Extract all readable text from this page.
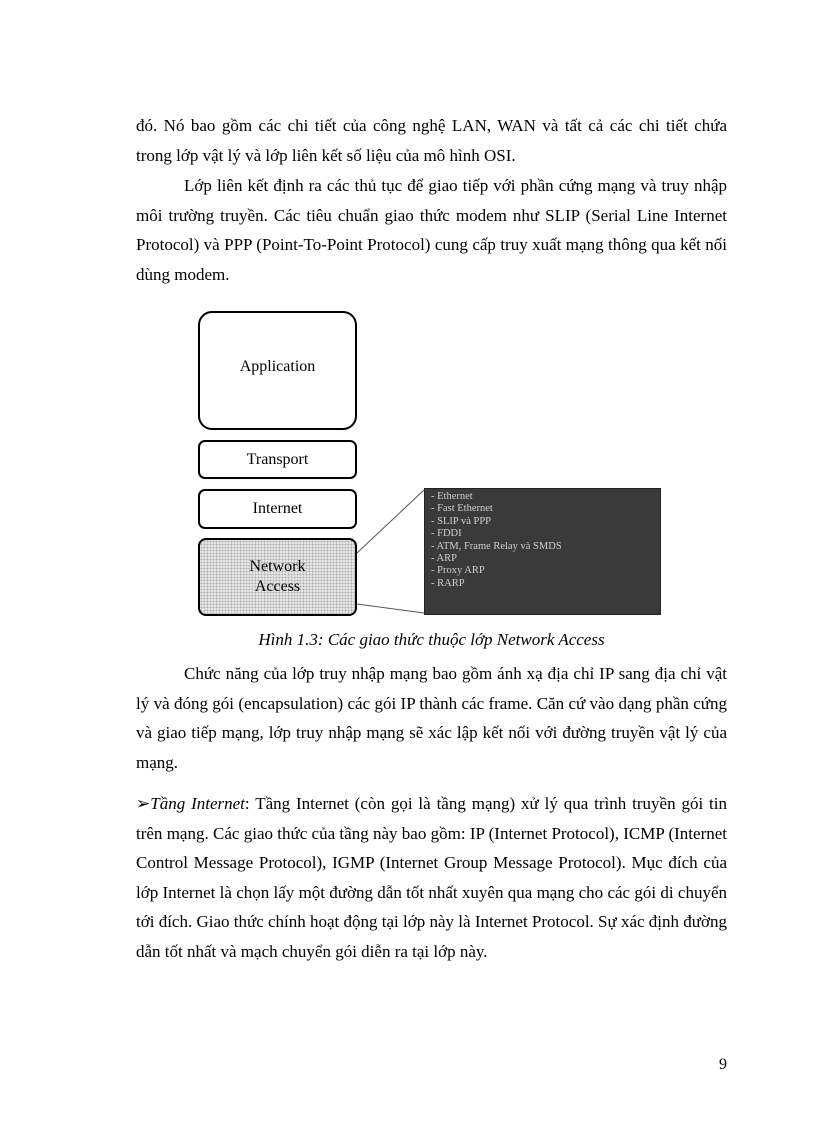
đó. Nó bao gồm các chi tiết của công nghệ LAN, WAN và tất cả các chi tiết chứa trong lớp vật lý và lớp liên kết số liệu của mô hình OSI.

Lớp liên kết định ra các thủ tục để giao tiếp với phần cứng mạng và truy nhập môi trường truyền. Các tiêu chuẩn giao thức modem như SLIP (Serial Line Internet Protocol) và PPP (Point-To-Point Protocol) cung cấp truy xuất mạng thông qua kết nối dùng modem.

Application
Transport
Internet
Network
Access
- Ethernet
- Fast Ethernet
- SLIP và PPP
- FDDI
- ATM, Frame Relay và SMDS
- ARP
- Proxy ARP
- RARP

Hình 1.3: Các giao thức thuộc lớp Network Access

Chức năng của lớp truy nhập mạng bao gồm ánh xạ địa chỉ IP sang địa chỉ vật lý và đóng gói (encapsulation) các gói IP thành các frame. Căn cứ vào dạng phần cứng và giao tiếp mạng, lớp truy nhập mạng sẽ xác lập kết nối với đường truyền vật lý của mạng.

➢Tầng Internet: Tầng Internet (còn gọi là tầng mạng) xử lý qua trình truyền gói tin trên mạng. Các giao thức của tầng này bao gồm: IP (Internet Protocol), ICMP (Internet Control Message Protocol), IGMP (Internet Group Message Protocol). Mục đích của lớp Internet là chọn lấy một đường dẫn tốt nhất xuyên qua mạng cho các gói di chuyển tới đích. Giao thức chính hoạt động tại lớp này là Internet Protocol. Sự xác định đường dẫn tốt nhất và mạch chuyển gói diễn ra tại lớp này.

9
